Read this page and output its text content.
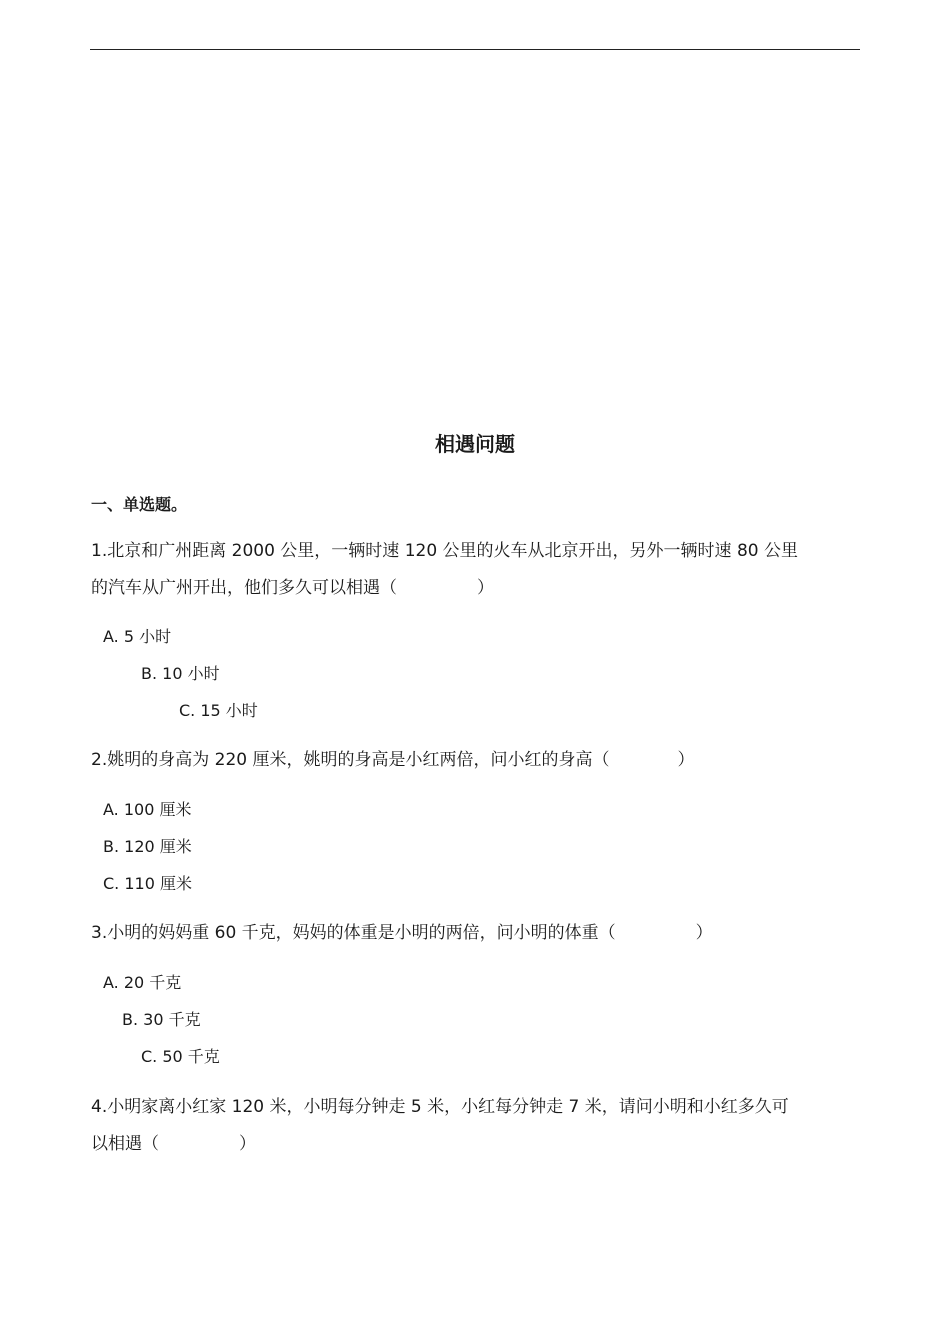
相遇问题
一、单选题。
1.北京和广州距离 2000 公里，一辆时速 120 公里的火车从北京开出，另外一辆时速 80 公里
的汽车从广州开出，他们多久可以相遇（	）
A. 5 小时
B. 10 小时
C. 15 小时
2.姚明的身高为 220 厘米，姚明的身高是小红两倍，问小红的身高（	）
A. 100 厘米
B. 120 厘米
C. 110 厘米
3.小明的妈妈重 60 千克，妈妈的体重是小明的两倍，问小明的体重（	）
A. 20 千克
B. 30 千克
C. 50 千克
4.小明家离小红家 120 米，小明每分钟走 5 米，小红每分钟走 7 米，请问小明和小红多久可
以相遇（	）
